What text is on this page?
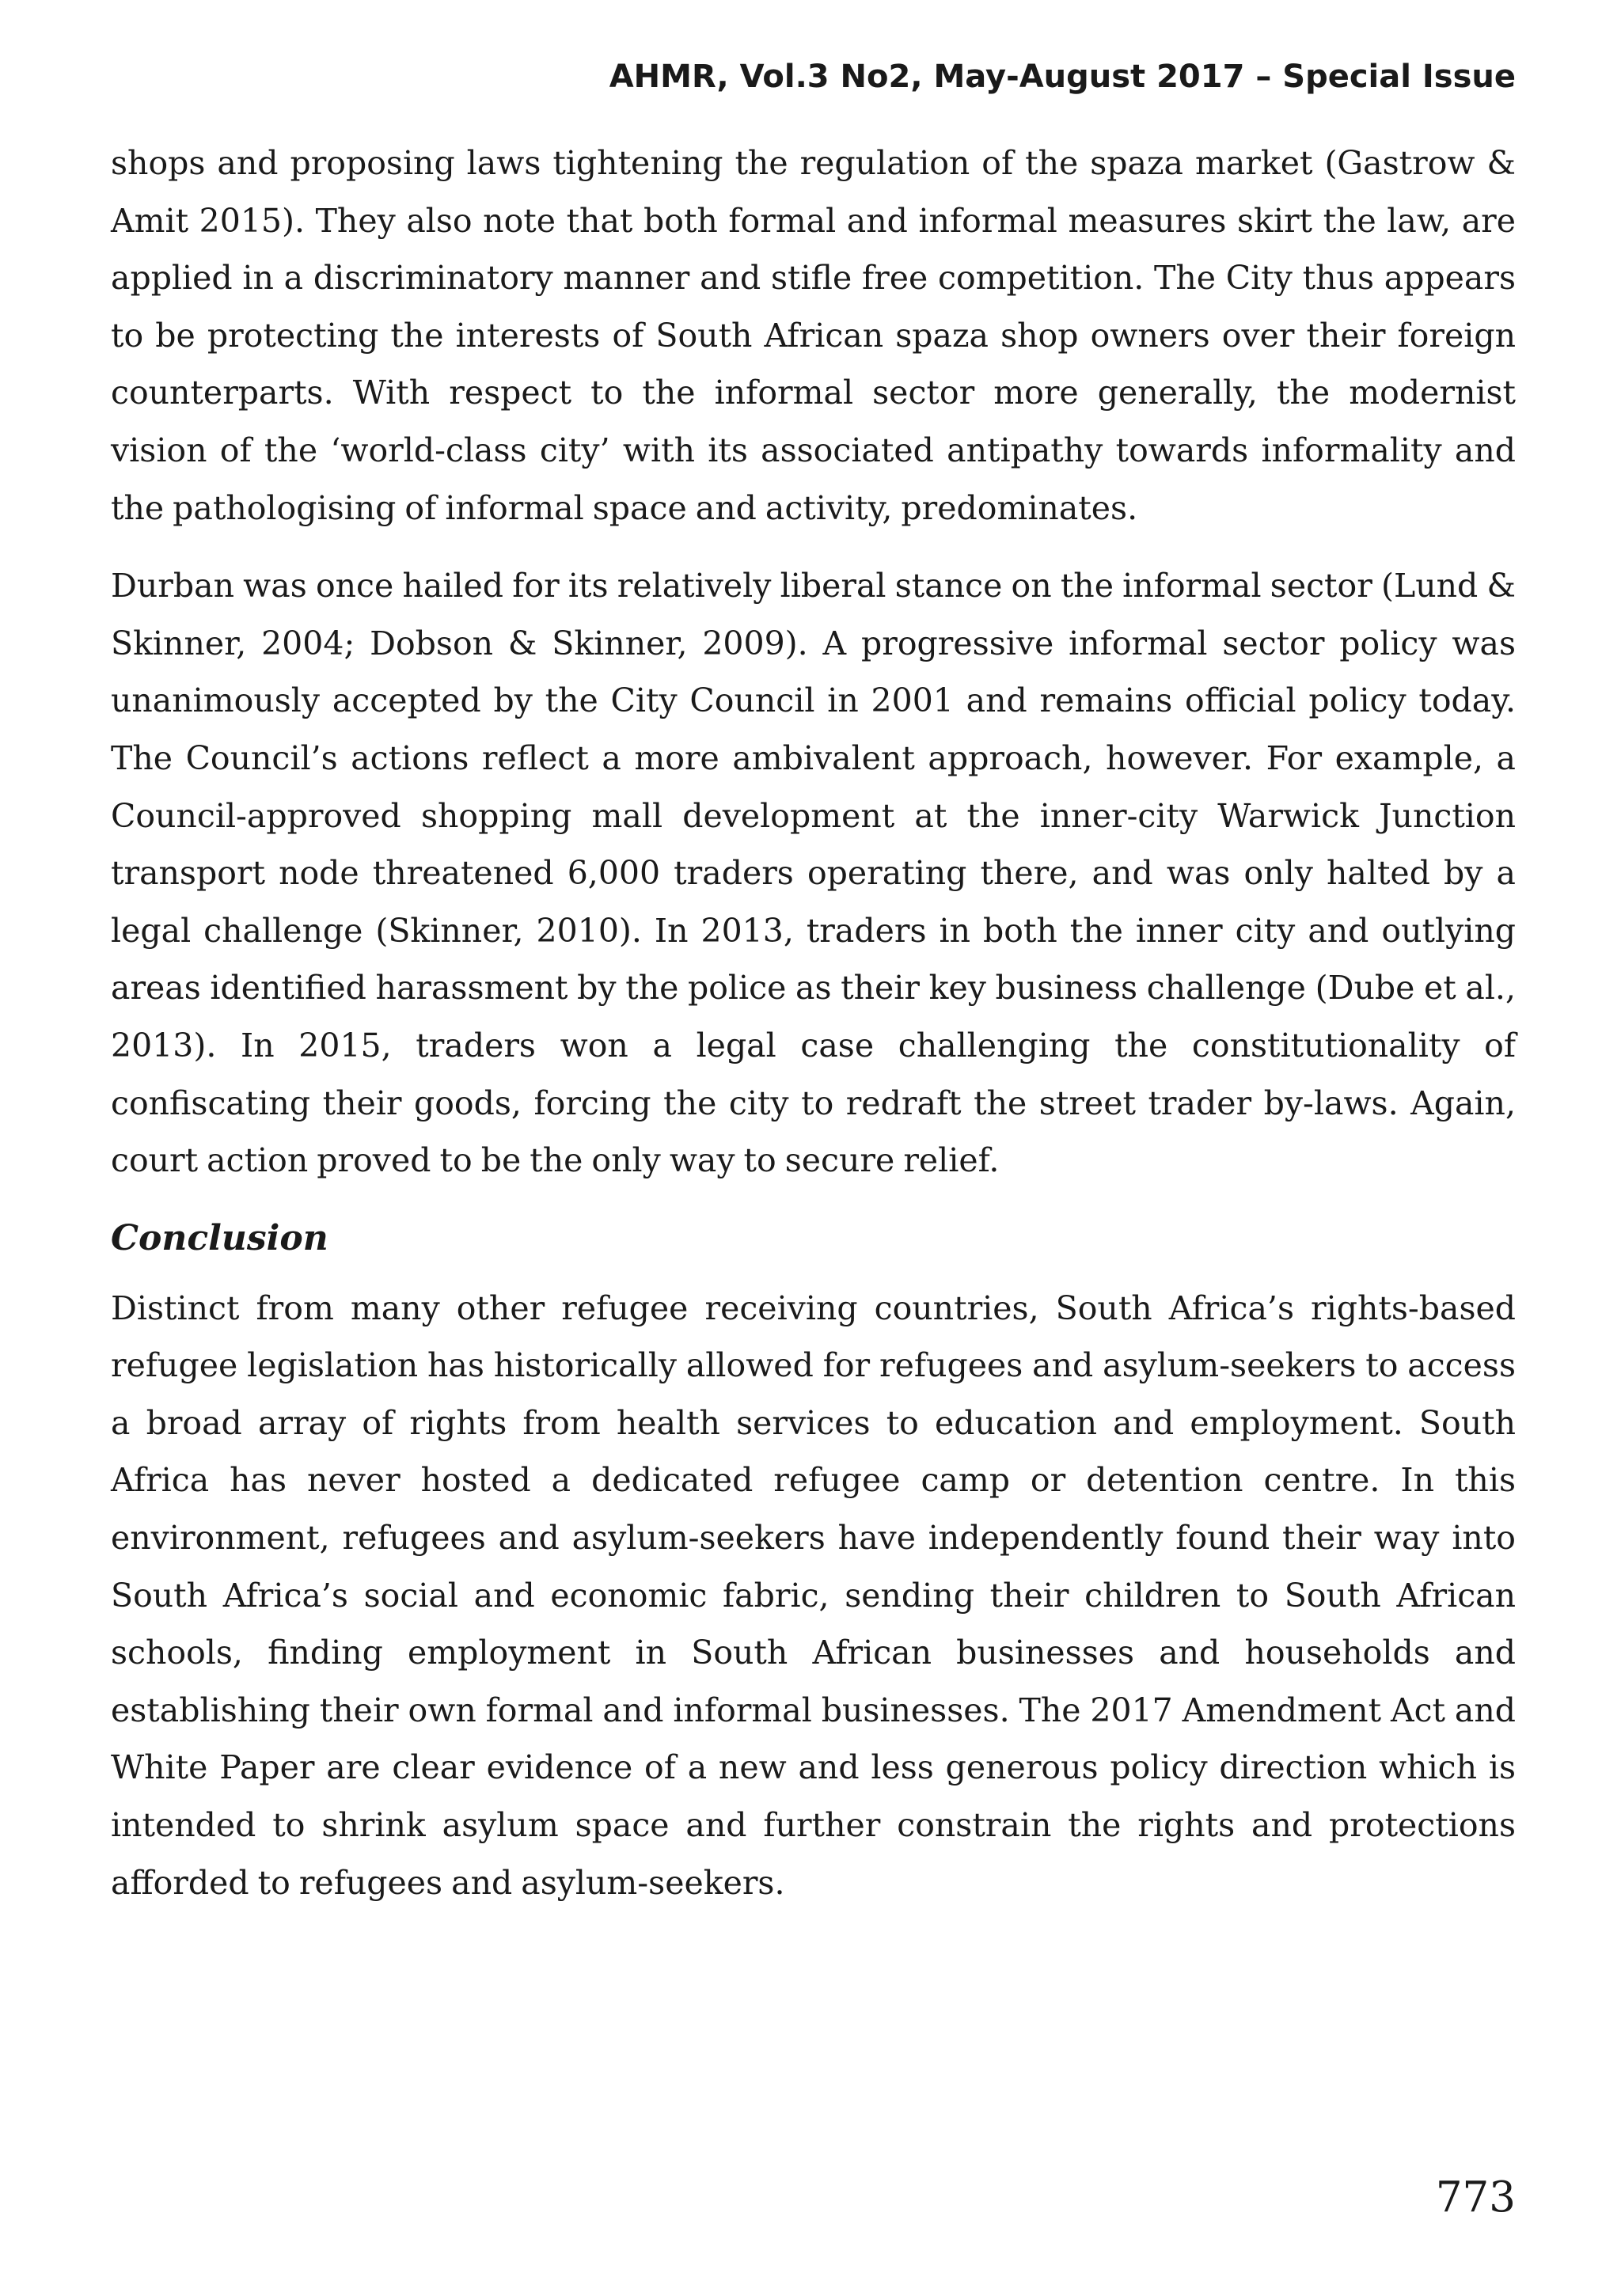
AHMR, Vol.3 No2, May-August 2017 – Special Issue

shops and proposing laws tightening the regulation of the spaza market (Gastrow & Amit 2015). They also note that both formal and informal measures skirt the law, are applied in a discriminatory manner and stifle free competition. The City thus appears to be protecting the interests of South African spaza shop owners over their foreign counterparts. With respect to the informal sector more generally, the modernist vision of the ‘world-class city’ with its associated antipathy towards informality and the pathologising of informal space and activity, predominates.

Durban was once hailed for its relatively liberal stance on the informal sector (Lund & Skinner, 2004; Dobson & Skinner, 2009). A progressive informal sector policy was unanimously accepted by the City Council in 2001 and remains official policy today. The Council’s actions reflect a more ambivalent approach, however. For example, a Council-approved shopping mall development at the inner-city Warwick Junction transport node threatened 6,000 traders operating there, and was only halted by a legal challenge (Skinner, 2010). In 2013, traders in both the inner city and outlying areas identified harassment by the police as their key business challenge (Dube et al., 2013). In 2015, traders won a legal case challenging the constitutionality of confiscating their goods, forcing the city to redraft the street trader by-laws. Again, court action proved to be the only way to secure relief.

Conclusion

Distinct from many other refugee receiving countries, South Africa’s rights-based refugee legislation has historically allowed for refugees and asylum-seekers to access a broad array of rights from health services to education and employment. South Africa has never hosted a dedicated refugee camp or detention centre. In this environment, refugees and asylum-seekers have independently found their way into South Africa’s social and economic fabric, sending their children to South African schools, finding employment in South African businesses and households and establishing their own formal and informal businesses. The 2017 Amendment Act and White Paper are clear evidence of a new and less generous policy direction which is intended to shrink asylum space and further constrain the rights and protections afforded to refugees and asylum-seekers.

773
